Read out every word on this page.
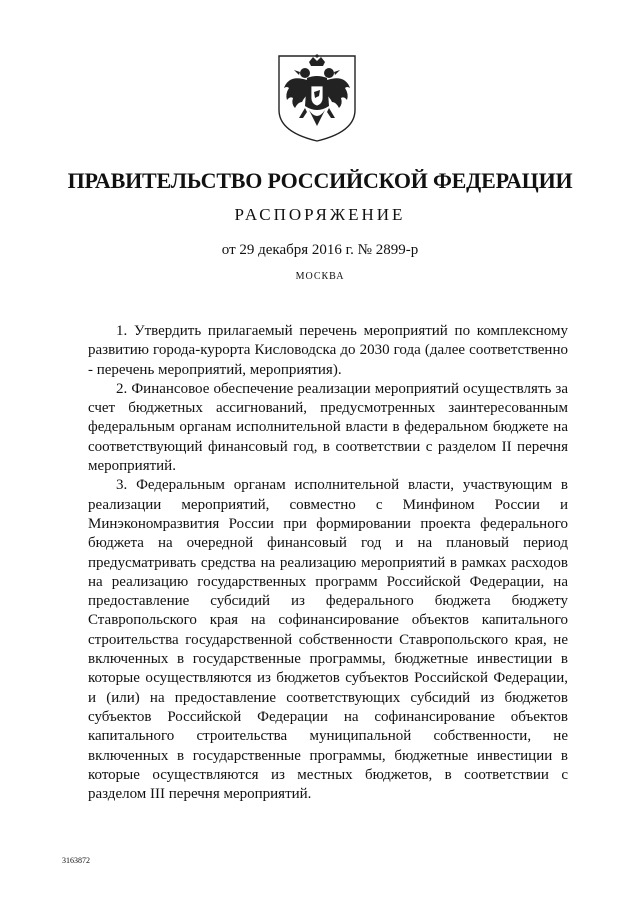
ПРАВИТЕЛЬСТВО РОССИЙСКОЙ ФЕДЕРАЦИИ
РАСПОРЯЖЕНИЕ
от 29 декабря 2016 г. № 2899-р
МОСКВА

1. Утвердить прилагаемый перечень мероприятий по комплексному развитию города-курорта Кисловодска до 2030 года (далее соответственно - перечень мероприятий, мероприятия).

2. Финансовое обеспечение реализации мероприятий осуществлять за счет бюджетных ассигнований, предусмотренных заинтересованным федеральным органам исполнительной власти в федеральном бюджете на соответствующий финансовый год, в соответствии с разделом II перечня мероприятий.

3. Федеральным органам исполнительной власти, участвующим в реализации мероприятий, совместно с Минфином России и Минэкономразвития России при формировании проекта федерального бюджета на очередной финансовый год и на плановый период предусматривать средства на реализацию мероприятий в рамках расходов на реализацию государственных программ Российской Федерации, на предоставление субсидий из федерального бюджета бюджету Ставропольского края на софинансирование объектов капитального строительства государственной собственности Ставропольского края, не включенных в государственные программы, бюджетные инвестиции в которые осуществляются из бюджетов субъектов Российской Федерации, и (или) на предоставление соответствующих субсидий из бюджетов субъектов Российской Федерации на софинансирование объектов капитального строительства муниципальной собственности, не включенных в государственные программы, бюджетные инвестиции в которые осуществляются из местных бюджетов, в соответствии с разделом III перечня мероприятий.

3163872
